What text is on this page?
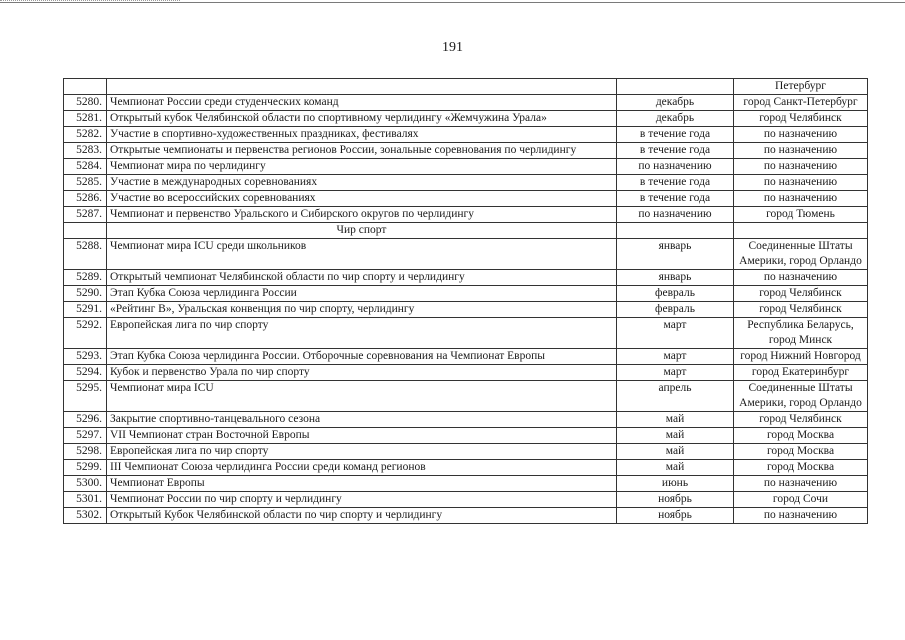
191
			Петербург
5280.	Чемпионат России среди студенческих команд	декабрь	город Санкт-Петербург
5281.	Открытый кубок Челябинской области по спортивному черлидингу «Жемчужина Урала»	декабрь	город Челябинск
5282.	Участие в спортивно-художественных праздниках, фестивалях	в течение года	по назначению
5283.	Открытые чемпионаты и первенства регионов России, зональные соревнования по черлидингу	в течение года	по назначению
5284.	Чемпионат мира по черлидингу	по назначению	по назначению
5285.	Участие в международных соревнованиях	в течение года	по назначению
5286.	Участие во всероссийских соревнованиях	в течение года	по назначению
5287.	Чемпионат и первенство Уральского и Сибирского округов по черлидингу	по назначению	город Тюмень
	Чир спорт		
5288.	Чемпионат мира ICU среди школьников	январь	Соединенные Штаты Америки, город Орландо
5289.	Открытый чемпионат Челябинской области по чир спорту и черлидингу	январь	по назначению
5290.	Этап Кубка Союза черлидинга России	февраль	город Челябинск
5291.	«Рейтинг В», Уральская конвенция по чир спорту, черлидингу	февраль	город Челябинск
5292.	Европейская лига по чир спорту	март	Республика Беларусь, город Минск
5293.	Этап Кубка Союза черлидинга России. Отборочные соревнования на Чемпионат Европы	март	город Нижний Новгород
5294.	Кубок и первенство Урала по чир спорту	март	город Екатеринбург
5295.	Чемпионат мира ICU	апрель	Соединенные Штаты Америки, город Орландо
5296.	Закрытие спортивно-танцевального сезона	май	город Челябинск
5297.	VII Чемпионат стран Восточной Европы	май	город Москва
5298.	Европейская лига по чир спорту	май	город Москва
5299.	III Чемпионат Союза черлидинга России среди команд регионов	май	город Москва
5300.	Чемпионат Европы	июнь	по назначению
5301.	Чемпионат России по чир спорту и черлидингу	ноябрь	город Сочи
5302.	Открытый Кубок Челябинской области по чир спорту и черлидингу	ноябрь	по назначению
